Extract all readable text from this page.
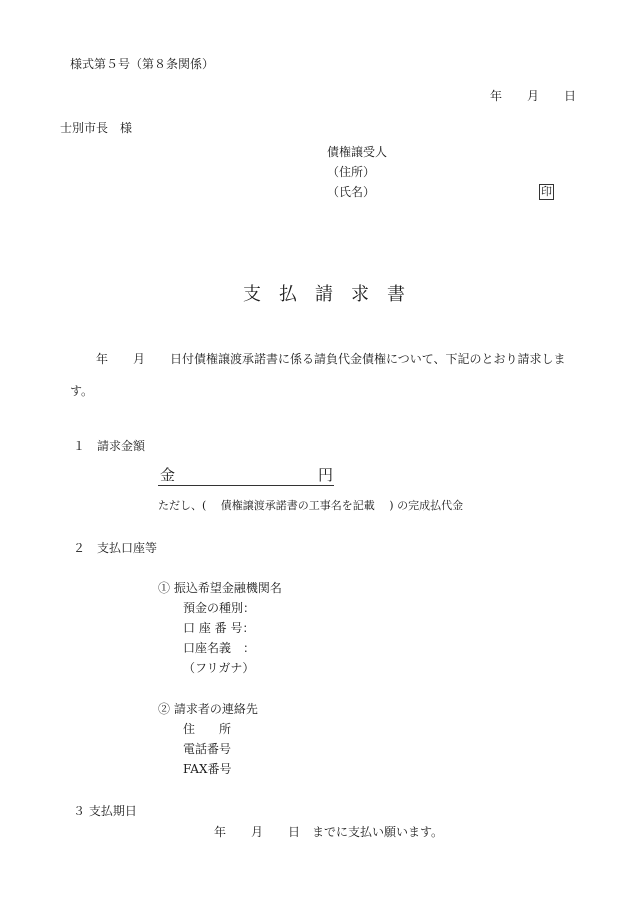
様式第５号（第８条関係）
年 月 日
士別市長　様
債権譲受人
（住所）
（氏名）	印
支払請求書
年 月 日付債権譲渡承諾書に係る請負代金債権について、下記のとおり請求しま
す。
１　請求金額
金	円
ただし、(　 債権譲渡承諾書の工事名を記載　 ) の完成払代金
２　支払口座等
① 振込希望金融機関名
預金の種別：
口 座 番 号：
口座名義　：
（フリガナ）
② 請求者の連絡先
住　　所
電話番号
FAX番号
３ 支払期日
年 月 日 までに支払い願います。
